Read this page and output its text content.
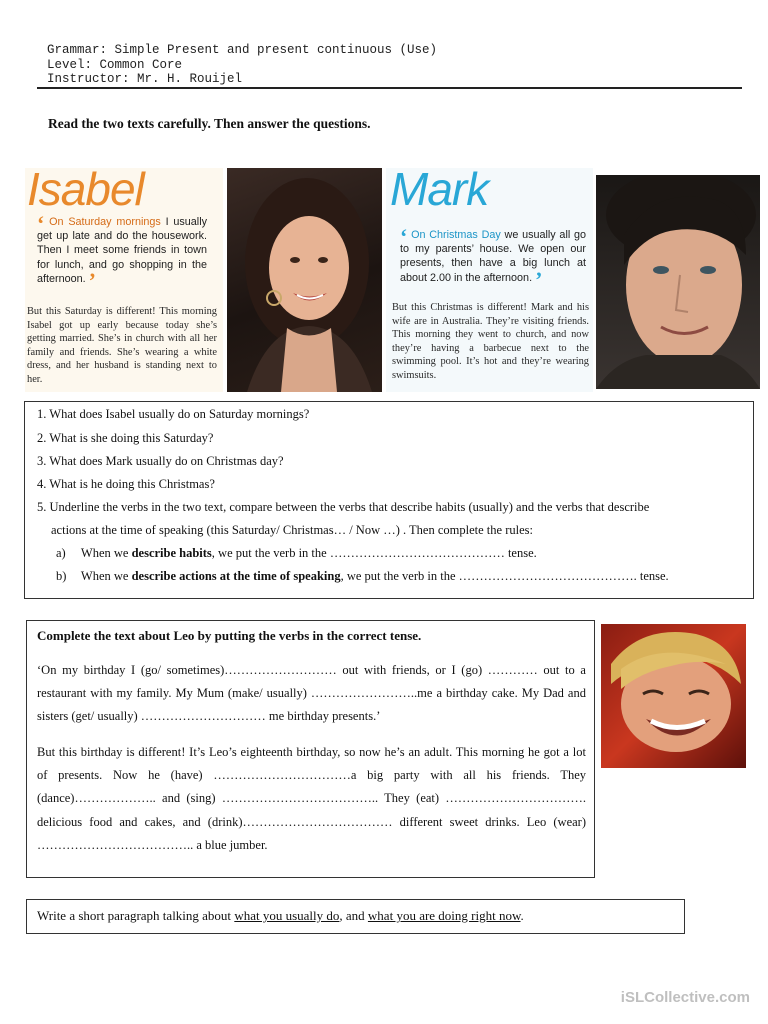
Grammar: Simple Present and present continuous (Use)
Level: Common Core
Instructor: Mr. H. Rouijel
Read the two texts carefully. Then answer the questions.
Isabel
‘ On Saturday mornings I usually get up late and do the housework. Then I meet some friends in town for lunch, and go shopping in the afternoon. ’
But this Saturday is different! This morning Isabel got up early because today she’s getting married. She’s in church with all her family and friends. She’s wearing a white dress, and her husband is standing next to her.
Mark
‘ On Christmas Day we usually all go to my parents’ house. We open our presents, then have a big lunch at about 2.00 in the afternoon. ’
But this Christmas is different! Mark and his wife are in Australia. They’re visiting friends. This morning they went to church, and now they’re having a barbecue next to the swimming pool. It’s hot and they’re wearing swimsuits.
1. What does Isabel usually do on Saturday mornings?
2. What is she doing this Saturday?
3. What does Mark usually do on Christmas day?
4. What is he doing this Christmas?
5. Underline the verbs in the two text, compare between the verbs that describe habits (usually) and the verbs that describe
actions at the time of speaking (this Saturday/ Christmas… / Now …) . Then complete the rules:
a) When we describe habits, we put the verb in the …………………………………… tense.
b) When we describe actions at the time of speaking, we put the verb in the ……………………………………. tense.
Complete the text about Leo by putting the verbs in the correct tense.
‘On my birthday I (go/ sometimes)……………………… out with friends, or I (go) ………… out to a restaurant with my family. My Mum (make/ usually) ……………………..me a birthday cake. My Dad and sisters (get/ usually) ………………………… me birthday presents.’
But this birthday is different! It’s Leo’s eighteenth birthday, so now he’s an adult. This morning he got a lot of presents. Now he (have) ……………………………a big party with all his friends. They (dance)……………….. and (sing) ……………………………….. They (eat) ……………………………. delicious food and cakes, and (drink)……………………………… different sweet drinks. Leo (wear) ……………………………….. a blue jumber.
Write a short paragraph talking about what you usually do, and what you are doing right now.
iSLCollective.com
